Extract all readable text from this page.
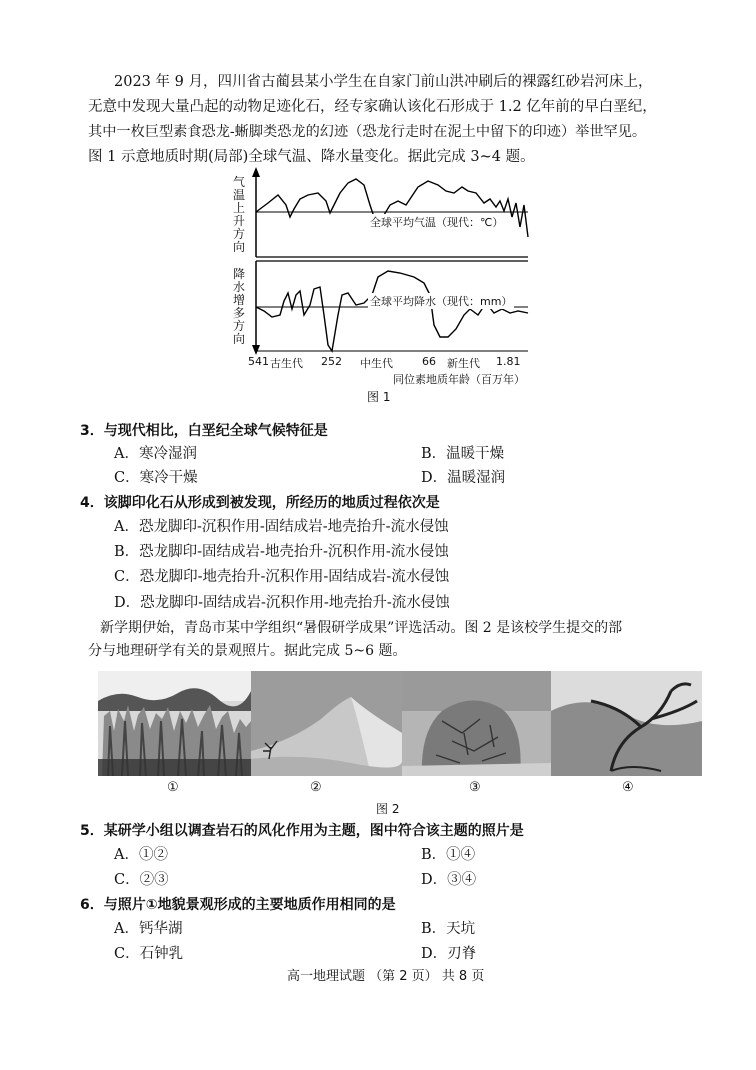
2023 年 9 月，四川省古蔺县某小学生在自家门前山洪冲刷后的裸露红砂岩河床上，
无意中发现大量凸起的动物足迹化石，经专家确认该化石形成于 1.2 亿年前的早白垩纪，
其中一枚巨型素食恐龙-蜥脚类恐龙的幻迹（恐龙行走时在泥土中留下的印迹）举世罕见。
图 1 示意地质时期(局部)全球气温、降水量变化。据此完成 3~4 题。
气
温
上
升
方
向
降
水
增
多
方
向
全球平均气温（现代：℃）
全球平均降水（现代：mm）
541 古生代 252 中生代	66 新生代 1.81
同位素地质年龄（百万年）
图 1
3．与现代相比，白垩纪全球气候特征是
A．寒冷湿润	B．温暖干燥
C．寒冷干燥	D．温暖湿润
4．该脚印化石从形成到被发现，所经历的地质过程依次是
A．恐龙脚印-沉积作用-固结成岩-地壳抬升-流水侵蚀
B．恐龙脚印-固结成岩-地壳抬升-沉积作用-流水侵蚀
C．恐龙脚印-地壳抬升-沉积作用-固结成岩-流水侵蚀
D．恐龙脚印-固结成岩-沉积作用-地壳抬升-流水侵蚀
新学期伊始，青岛市某中学组织“暑假研学成果”评选活动。图 2 是该校学生提交的部
分与地理研学有关的景观照片。据此完成 5~6 题。
①	②	③	④
图 2
5．某研学小组以调查岩石的风化作用为主题，图中符合该主题的照片是
A．①②	B．①④
C．②③	D．③④
6．与照片①地貌景观形成的主要地质作用相同的是
A．钙华湖	B．天坑
C．石钟乳	D．刃脊
高一地理试题 （第 2 页） 共 8 页
